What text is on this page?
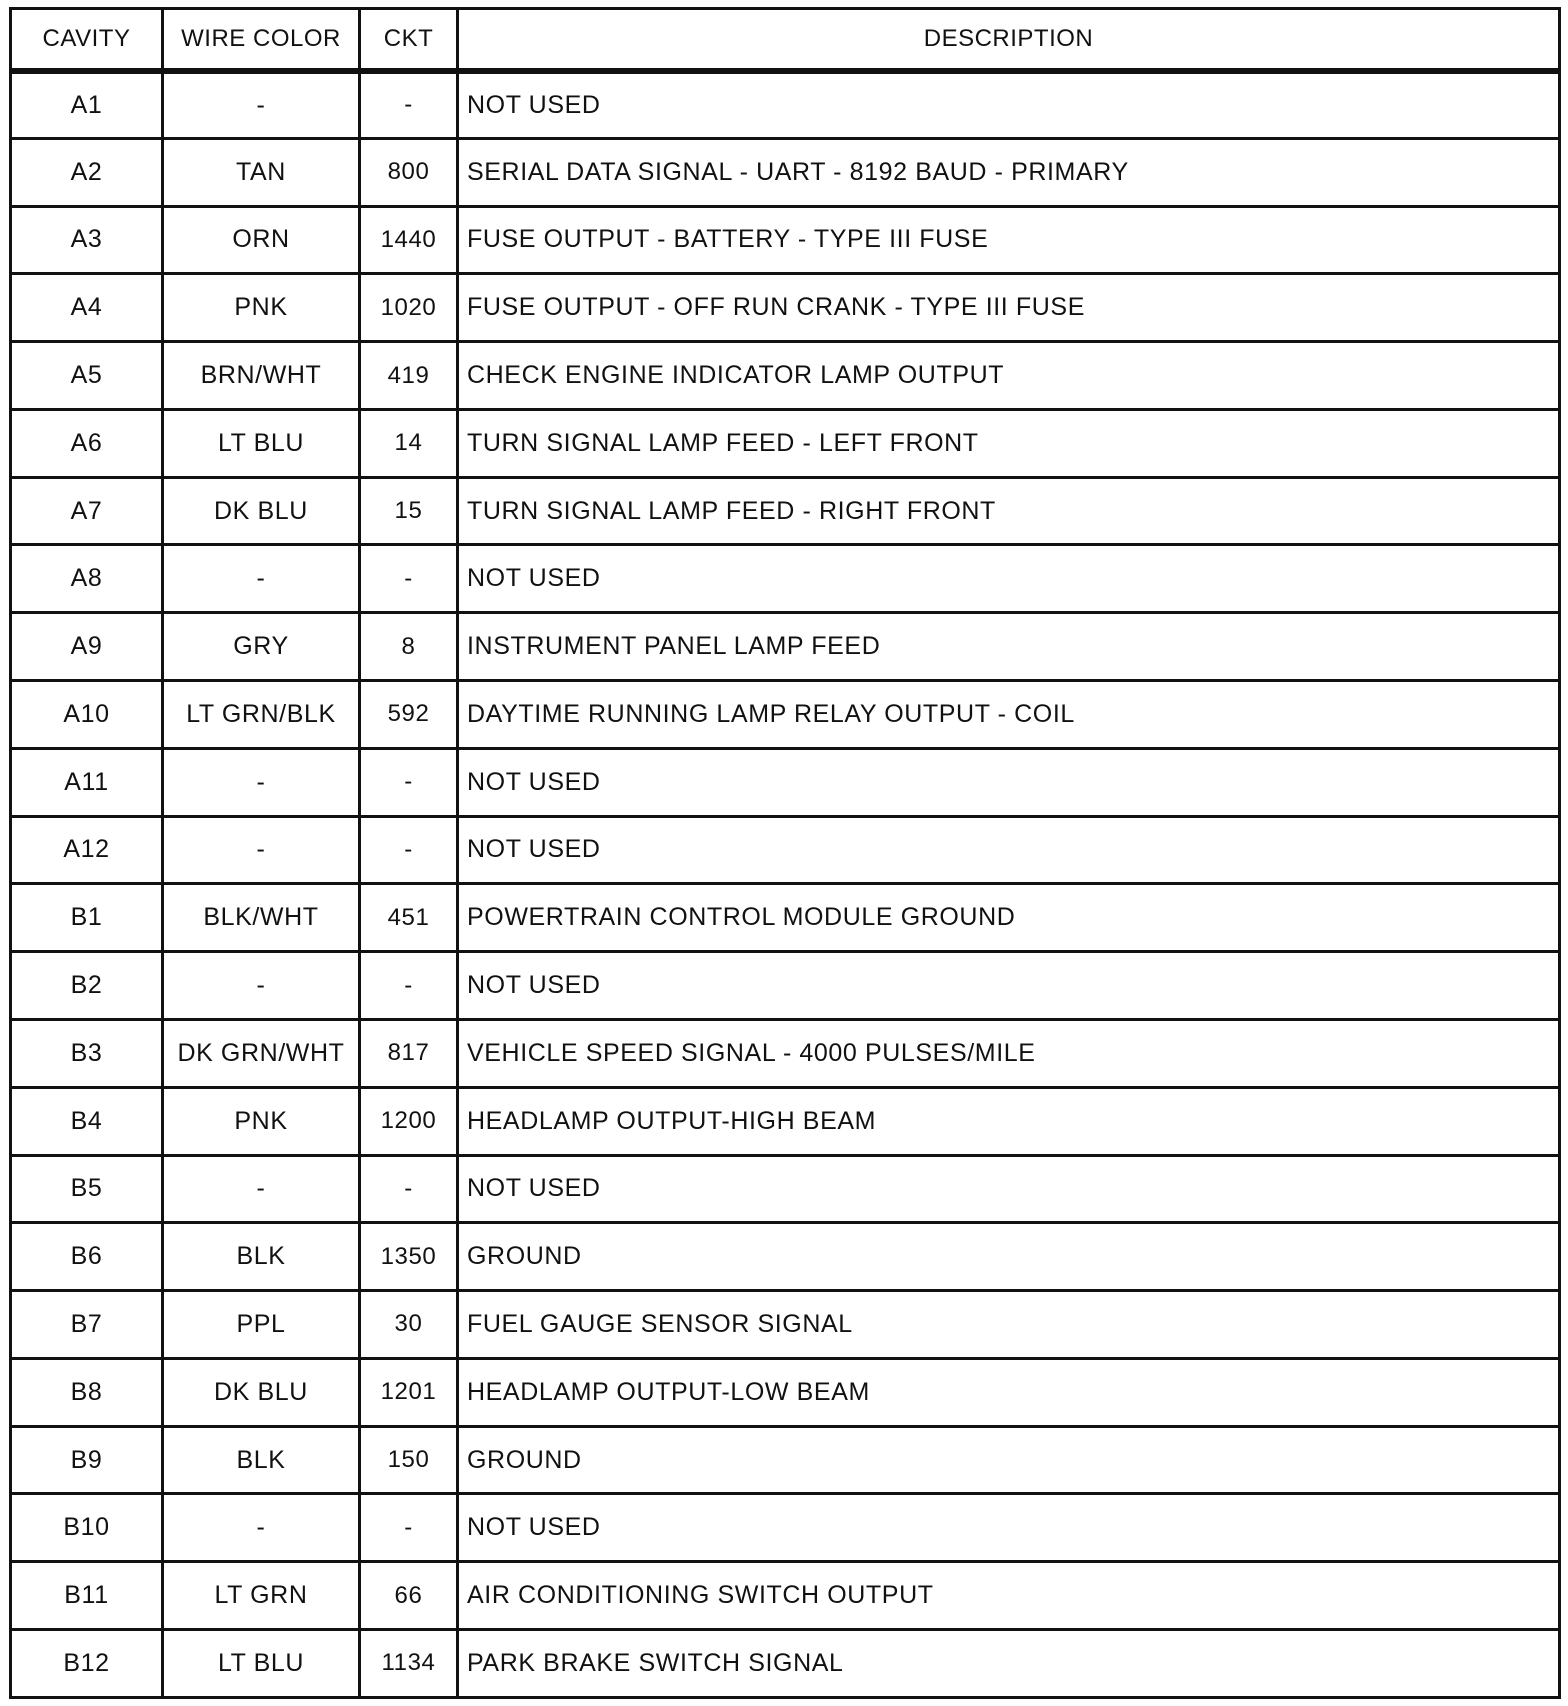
CAVITY	WIRE COLOR	CKT	DESCRIPTION
A1	-	-	NOT USED
A2	TAN	800	SERIAL DATA SIGNAL - UART - 8192 BAUD - PRIMARY
A3	ORN	1440	FUSE OUTPUT - BATTERY - TYPE III FUSE
A4	PNK	1020	FUSE OUTPUT - OFF RUN CRANK - TYPE III FUSE
A5	BRN/WHT	419	CHECK ENGINE INDICATOR LAMP OUTPUT
A6	LT BLU	14	TURN SIGNAL LAMP FEED - LEFT FRONT
A7	DK BLU	15	TURN SIGNAL LAMP FEED - RIGHT FRONT
A8	-	-	NOT USED
A9	GRY	8	INSTRUMENT PANEL LAMP FEED
A10	LT GRN/BLK	592	DAYTIME RUNNING LAMP RELAY OUTPUT - COIL
A11	-	-	NOT USED
A12	-	-	NOT USED
B1	BLK/WHT	451	POWERTRAIN CONTROL MODULE GROUND
B2	-	-	NOT USED
B3	DK GRN/WHT	817	VEHICLE SPEED SIGNAL - 4000 PULSES/MILE
B4	PNK	1200	HEADLAMP OUTPUT-HIGH BEAM
B5	-	-	NOT USED
B6	BLK	1350	GROUND
B7	PPL	30	FUEL GAUGE SENSOR SIGNAL
B8	DK BLU	1201	HEADLAMP OUTPUT-LOW BEAM
B9	BLK	150	GROUND
B10	-	-	NOT USED
B11	LT GRN	66	AIR CONDITIONING SWITCH OUTPUT
B12	LT BLU	1134	PARK BRAKE SWITCH SIGNAL
